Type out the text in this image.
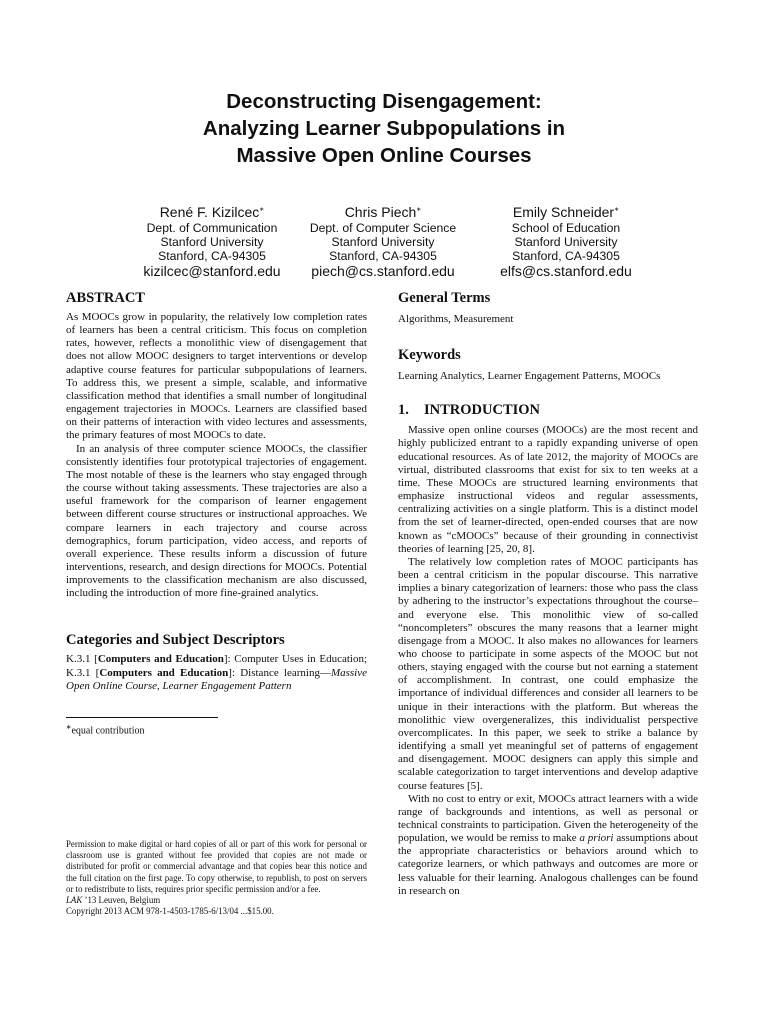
Deconstructing Disengagement:
Analyzing Learner Subpopulations in
Massive Open Online Courses
René F. Kizilcec∗
Dept. of Communication
Stanford University
Stanford, CA-94305
kizilcec@stanford.edu
Chris Piech∗
Dept. of Computer Science
Stanford University
Stanford, CA-94305
piech@cs.stanford.edu
Emily Schneider∗
School of Education
Stanford University
Stanford, CA-94305
elfs@cs.stanford.edu
ABSTRACT

As MOOCs grow in popularity, the relatively low completion rates of learners has been a central criticism. This focus on completion rates, however, reflects a monolithic view of disengagement that does not allow MOOC designers to target interventions or develop adaptive course features for particular subpopulations of learners. To address this, we present a simple, scalable, and informative classification method that identifies a small number of longitudinal engagement trajectories in MOOCs. Learners are classified based on their patterns of interaction with video lectures and assessments, the primary features of most MOOCs to date.

In an analysis of three computer science MOOCs, the classifier consistently identifies four prototypical trajectories of engagement. The most notable of these is the learners who stay engaged through the course without taking assessments. These trajectories are also a useful framework for the comparison of learner engagement between different course structures or instructional approaches. We compare learners in each trajectory and course across demographics, forum participation, video access, and reports of overall experience. These results inform a discussion of future interventions, research, and design directions for MOOCs. Potential improvements to the classification mechanism are also discussed, including the introduction of more fine-grained analytics.

Categories and Subject Descriptors

K.3.1 [Computers and Education]: Computer Uses in Education; K.3.1 [Computers and Education]: Distance learning—Massive Open Online Course, Learner Engagement Pattern

∗equal contribution
Permission to make digital or hard copies of all or part of this work for personal or classroom use is granted without fee provided that copies are not made or distributed for profit or commercial advantage and that copies bear this notice and the full citation on the first page. To copy otherwise, to republish, to post on servers or to redistribute to lists, requires prior specific permission and/or a fee.
LAK ’13 Leuven, Belgium
Copyright 2013 ACM 978-1-4503-1785-6/13/04 ...$15.00.
General Terms

Algorithms, Measurement

Keywords

Learning Analytics, Learner Engagement Patterns, MOOCs

1. INTRODUCTION

Massive open online courses (MOOCs) are the most recent and highly publicized entrant to a rapidly expanding universe of open educational resources. As of late 2012, the majority of MOOCs are virtual, distributed classrooms that exist for six to ten weeks at a time. These MOOCs are structured learning environments that emphasize instructional videos and regular assessments, centralizing activities on a single platform. This is a distinct model from the set of learner-directed, open-ended courses that are now known as “cMOOCs” because of their grounding in connectivist theories of learning [25, 20, 8].

The relatively low completion rates of MOOC participants has been a central criticism in the popular discourse. This narrative implies a binary categorization of learners: those who pass the class by adhering to the instructor’s expectations throughout the course–and everyone else. This monolithic view of so-called “noncompleters” obscures the many reasons that a learner might disengage from a MOOC. It also makes no allowances for learners who choose to participate in some aspects of the MOOC but not others, staying engaged with the course but not earning a statement of accomplishment. In contrast, one could emphasize the importance of individual differences and consider all learners to be unique in their interactions with the platform. But whereas the monolithic view overgeneralizes, this individualist perspective overcomplicates. In this paper, we seek to strike a balance by identifying a small yet meaningful set of patterns of engagement and disengagement. MOOC designers can apply this simple and scalable categorization to target interventions and develop adaptive course features [5].

With no cost to entry or exit, MOOCs attract learners with a wide range of backgrounds and intentions, as well as personal or technical constraints to participation. Given the heterogeneity of the population, we would be remiss to make a priori assumptions about the appropriate characteristics or behaviors around which to categorize learners, or which pathways and outcomes are more or less valuable for their learning. Analogous challenges can be found in research on
